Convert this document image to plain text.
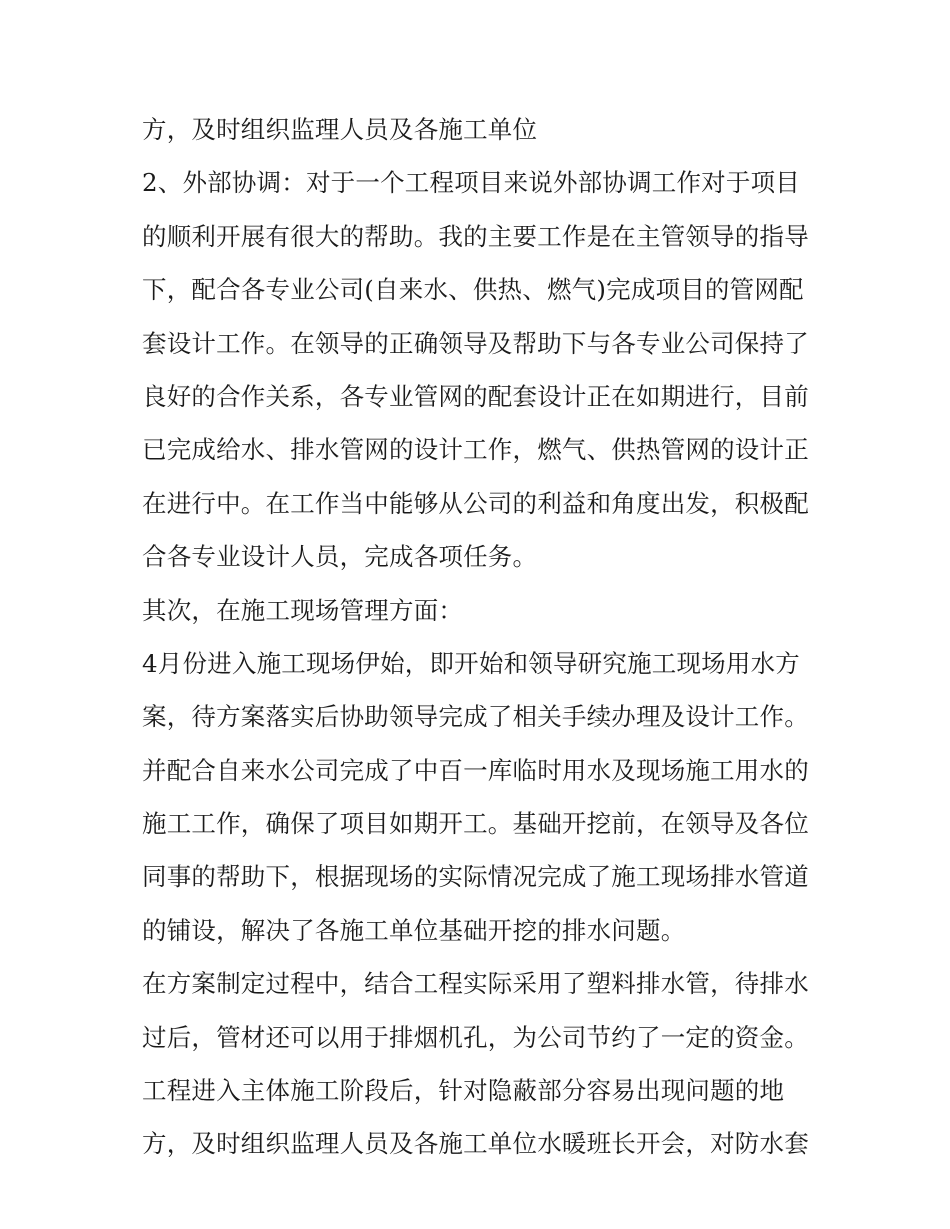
方，及时组织监理人员及各施工单位
2、外部协调：对于一个工程项目来说外部协调工作对于项目
的顺利开展有很大的帮助。我的主要工作是在主管领导的指导
下，配合各专业公司(自来水、供热、燃气)完成项目的管网配
套设计工作。在领导的正确领导及帮助下与各专业公司保持了
良好的合作关系，各专业管网的配套设计正在如期进行，目前
已完成给水、排水管网的设计工作，燃气、供热管网的设计正
在进行中。在工作当中能够从公司的利益和角度出发，积极配
合各专业设计人员，完成各项任务。
其次，在施工现场管理方面：
4月份进入施工现场伊始，即开始和领导研究施工现场用水方
案，待方案落实后协助领导完成了相关手续办理及设计工作。
并配合自来水公司完成了中百一库临时用水及现场施工用水的
施工工作，确保了项目如期开工。基础开挖前，在领导及各位
同事的帮助下，根据现场的实际情况完成了施工现场排水管道
的铺设，解决了各施工单位基础开挖的排水问题。
在方案制定过程中，结合工程实际采用了塑料排水管，待排水
过后，管材还可以用于排烟机孔，为公司节约了一定的资金。
工程进入主体施工阶段后，针对隐蔽部分容易出现问题的地
方，及时组织监理人员及各施工单位水暖班长开会，对防水套
